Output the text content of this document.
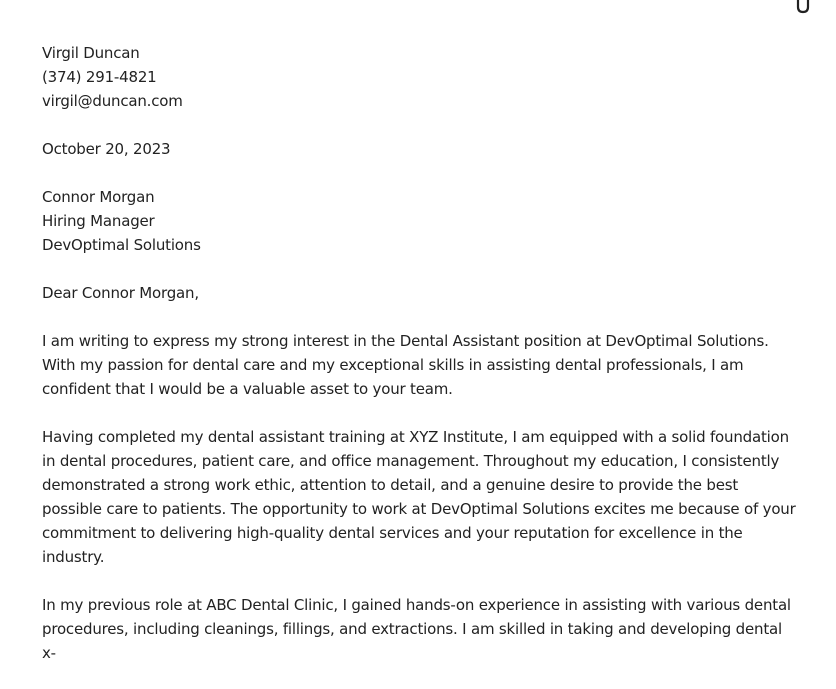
Virgil Duncan
(374) 291-4821
virgil@duncan.com
October 20, 2023
Connor Morgan
Hiring Manager
DevOptimal Solutions
Dear Connor Morgan,

I am writing to express my strong interest in the Dental Assistant position at DevOptimal Solutions. With my passion for dental care and my exceptional skills in assisting dental professionals, I am confident that I would be a valuable asset to your team.

Having completed my dental assistant training at XYZ Institute, I am equipped with a solid foundation in dental procedures, patient care, and office management. Throughout my education, I consistently demonstrated a strong work ethic, attention to detail, and a genuine desire to provide the best possible care to patients. The opportunity to work at DevOptimal Solutions excites me because of your commitment to delivering high-quality dental services and your reputation for excellence in the industry.

In my previous role at ABC Dental Clinic, I gained hands-on experience in assisting with various dental procedures, including cleanings, fillings, and extractions. I am skilled in taking and developing dental x-
